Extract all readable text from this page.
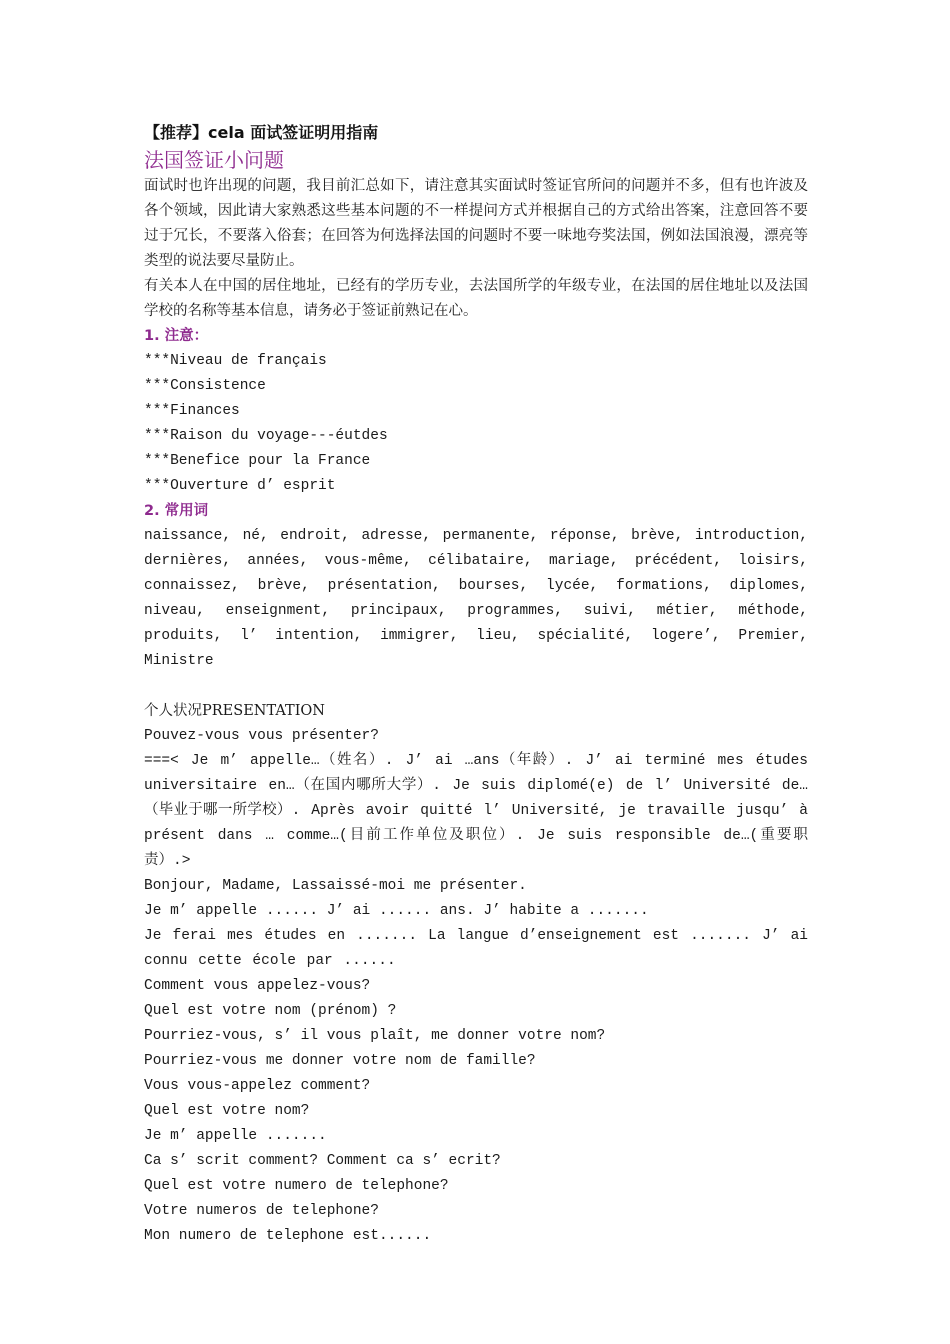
【推荐】cela 面试签证明用指南

法国签证小问题

面试时也许出现的问题，我目前汇总如下，请注意其实面试时签证官所问的问题并不多，但有也许波及各个领域，因此请大家熟悉这些基本问题的不一样提问方式并根据自己的方式给出答案，注意回答不要过于冗长，不要落入俗套；在回答为何选择法国的问题时不要一味地夸奖法国，例如法国浪漫，漂亮等类型的说法要尽量防止。

有关本人在中国的居住地址，已经有的学历专业，去法国所学的年级专业，在法国的居住地址以及法国学校的名称等基本信息，请务必于签证前熟记在心。

1. 注意：

***Niveau de français

***Consistence

***Finances

***Raison du voyage---éutdes

***Benefice pour la France

***Ouverture d’ esprit

2. 常用词

naissance, né, endroit, adresse, permanente, réponse, brève, introduction, dernières, années, vous-même, célibataire, mariage, précédent, loisirs, connaissez, brève, présentation, bourses, lycée, formations, diplomes, niveau, enseignment, principaux, programmes, suivi, métier, méthode, produits, l’ intention, immigrer, lieu, spécialité, logere’, Premier, Ministre

个人状况PRESENTATION

Pouvez-vous vous présenter?

===< Je m’ appelle…（姓名）. J’ ai …ans（年龄）. J’ ai terminé mes études universitaire en…（在国内哪所大学）. Je suis diplomé(e) de l’ Université de…（毕业于哪一所学校）. Après avoir quitté l’ Université, je travaille jusqu’ à présent dans … comme…(目前工作单位及职位）. Je suis responsible de…(重要职责）.>

Bonjour, Madame, Lassaissé-moi me présenter.

Je m’ appelle ...... J’ ai ...... ans. J’ habite a .......

Je ferai mes études en ....... La langue d’enseignement est ....... J’ ai connu cette école par ......

Comment vous appelez-vous?

Quel est votre nom (prénom) ?

Pourriez-vous, s’ il vous plaît, me donner votre nom?

Pourriez-vous me donner votre nom de famille?

Vous vous-appelez comment?

Quel est votre nom?

Je m’ appelle .......

Ca s’ scrit comment? Comment ca s’ ecrit?

Quel est votre numero de telephone?

Votre numeros de telephone?

Mon numero de telephone est......
